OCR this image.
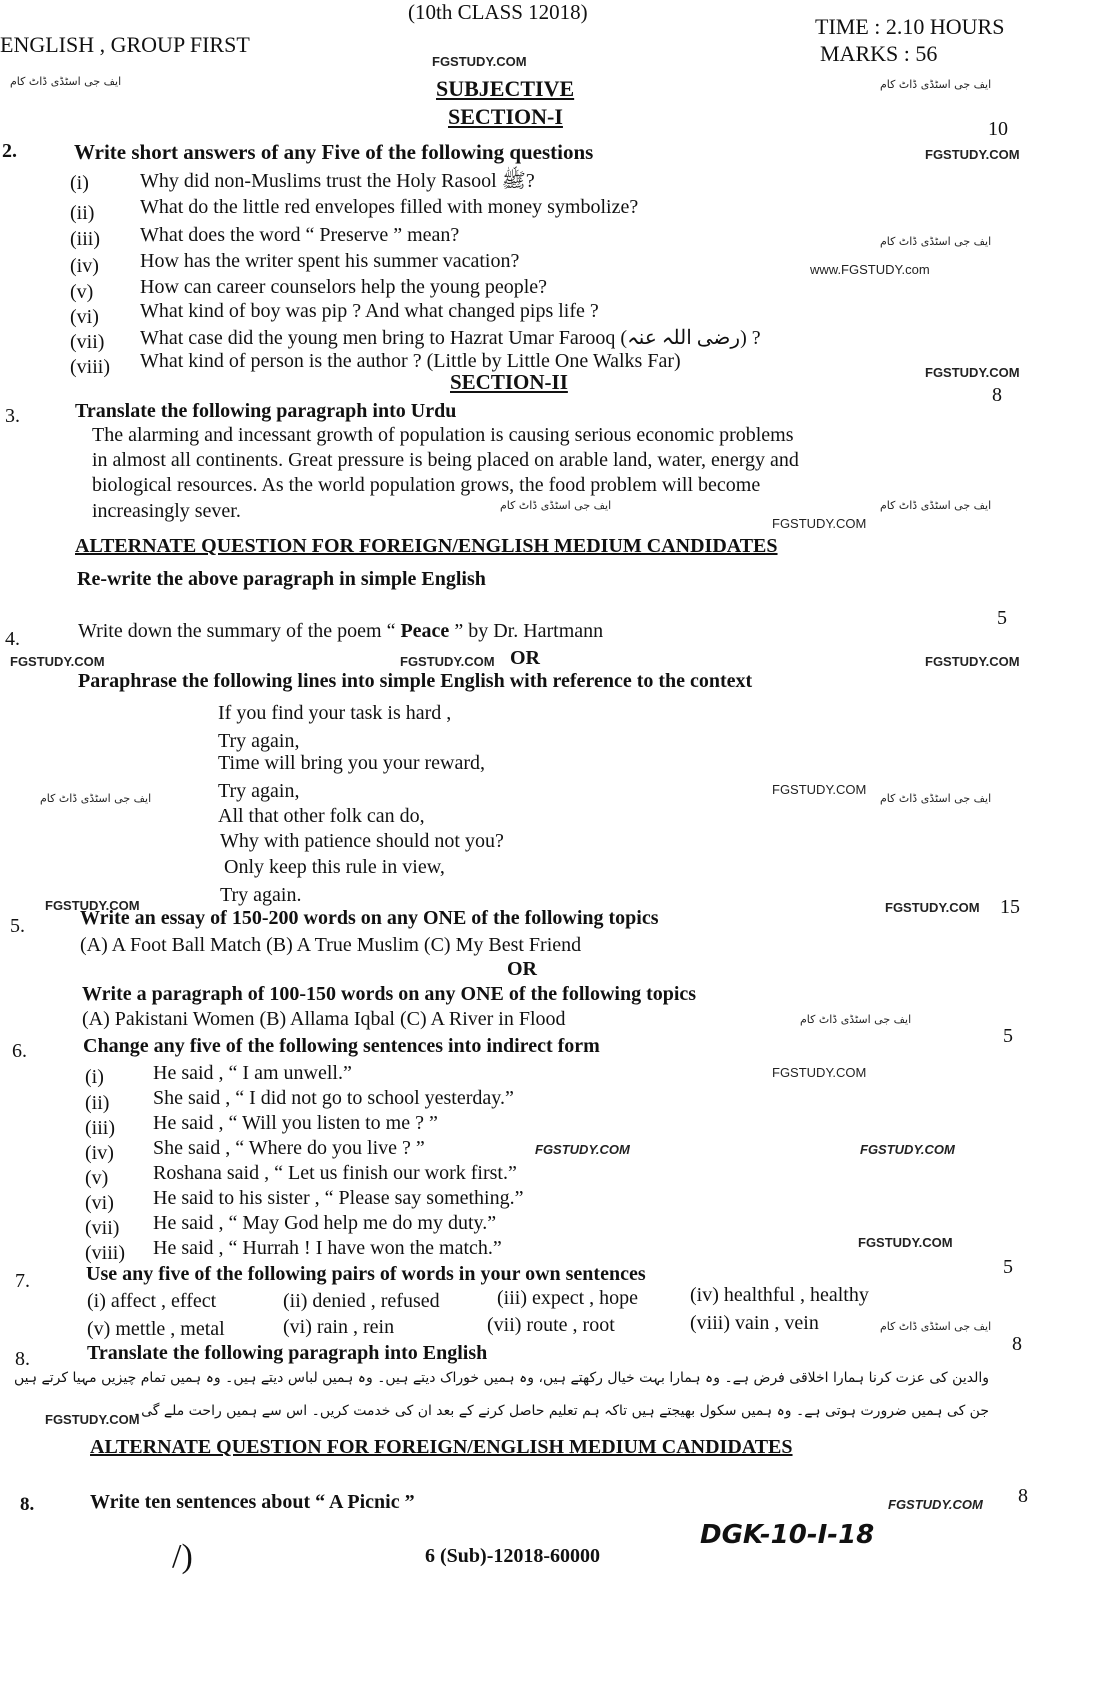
(10th CLASS 12018)
ENGLISH , GROUP FIRST
TIME : 2.10 HOURS
MARKS : 56
FGSTUDY.COM
ایف جی اسٹڈی ڈاٹ کام	ایف جی اسٹڈی ڈاٹ کام
SUBJECTIVE
SECTION-I	10
FGSTUDY.COM
2.	Write short answers of any Five of the following questions
(i)	Why did non-Muslims trust the Holy Rasool ﷺ?
(ii) What do the little red envelopes filled with money symbolize?
(iii) What does the word “ Preserve ” mean?
(iv) How has the writer spent his summer vacation?
(v) How can career counselors help the young people?
(vi) What kind of boy was pip ? And what changed pips life ?
(vii) What case did the young men bring to Hazrat Umar Farooq (رضی اللہ عنہ) ?
(viii) What kind of person is the author ? (Little by Little One Walks Far)
ایف جی اسٹڈی ڈاٹ کام
www.FGSTUDY.com
FGSTUDY.COM
SECTION-II
8
3.	Translate the following paragraph into Urdu
The alarming and incessant growth of population is causing serious economic problems
in almost all continents. Great pressure is being placed on arable land, water, energy and
biological resources. As the world population grows, the food problem will become
increasingly sever.	ایف جی اسٹڈی ڈاٹ کام	ایف جی اسٹڈی ڈاٹ کام
FGSTUDY.COM
ALTERNATE QUESTION FOR FOREIGN/ENGLISH MEDIUM CANDIDATES
Re-write the above paragraph in simple English
5
4.	Write down the summary of the poem “ Peace ” by Dr. Hartmann
FGSTUDY.COM	FGSTUDY.COM	FGSTUDY.COM
OR
Paraphrase the following lines into simple English with reference to the context
If you find your task is hard ,
Try again,
Time will bring you your reward,
Try again,
All that other folk can do,
Why with patience should not you?
Only keep this rule in view,
Try again.
ایف جی اسٹڈی ڈاٹ کام	ایف جی اسٹڈی ڈاٹ کام
FGSTUDY.COM
FGSTUDY.COM	FGSTUDY.COM 15
5.	Write an essay of 150-200 words on any ONE of the following topics
(A) A Foot Ball Match (B) A True Muslim (C) My Best Friend
OR
Write a paragraph of 100-150 words on any ONE of the following topics
(A) Pakistani Women (B) Allama Iqbal (C) A River in Flood	ایف جی اسٹڈی ڈاٹ کام
5
6.	Change any five of the following sentences into indirect form
(i) He said , “ I am unwell.”
(ii) She said , “ I did not go to school yesterday.”
(iii) He said , “ Will you listen to me ? ”
(iv) She said , “ Where do you live ? ”
(v) Roshana said , “ Let us finish our work first.”
(vi) He said to his sister , “ Please say something.”
(vii) He said , “ May God help me do my duty.”
(viii) He said , “ Hurrah ! I have won the match.”
FGSTUDY.COM
FGSTUDY.COM	FGSTUDY.COM
FGSTUDY.COM
5
7.	Use any five of the following pairs of words in your own sentences
(i) affect , effect	(ii) denied , refused	(iii) expect , hope	(iv) healthful , healthy
(v) mettle , metal	(vi) rain , rein	(vii) route , root	(viii) vain , vein	ایف جی اسٹڈی ڈاٹ کام
8
8.	Translate the following paragraph into English
والدین کی عزت کرنا ہمارا اخلاقی فرض ہے۔ وہ ہمارا بہت خیال رکھتے ہیں، وہ ہمیں خوراک دیتے ہیں۔ وہ ہمیں لباس دیتے ہیں۔ وہ ہمیں تمام چیزیں مہیا کرتے ہیں
جن کی ہمیں ضرورت ہوتی ہے۔ وہ ہمیں سکول بھیجتے ہیں تاکہ ہم تعلیم حاصل کرنے کے بعد ان کی خدمت کریں۔ اس سے ہمیں راحت ملے گی۔
FGSTUDY.COM
ALTERNATE QUESTION FOR FOREIGN/ENGLISH MEDIUM CANDIDATES
8
8.	Write ten sentences about “ A Picnic ”	FGSTUDY.COM
DGK-10-I-18
/)	6 (Sub)-12018-60000
